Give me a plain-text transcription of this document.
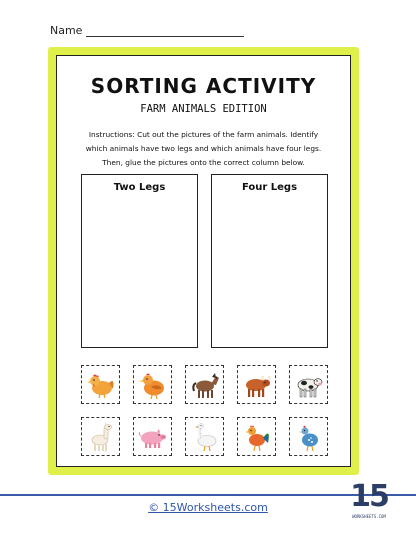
Name
SORTING ACTIVITY
FARM ANIMALS EDITION
Instructions: Cut out the pictures of the farm animals. Identify
which animals have two legs and which animals have four legs.
Then, glue the pictures onto the correct column below.
Two Legs	Four Legs
© 15Worksheets.com	15
WORKSHEETS.COM
